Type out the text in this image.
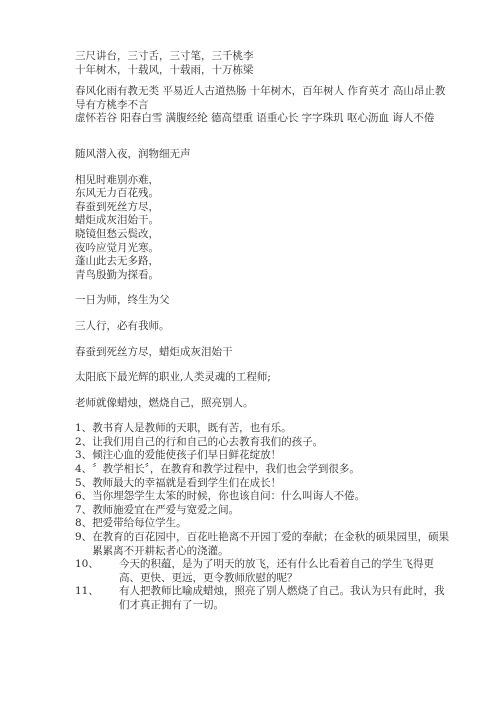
三尺讲台，三寸舌，三寸笔，三千桃李

十年树木，十载风，十载雨，十万栋梁

春风化雨有教无类 平易近人古道热肠 十年树木，百年树人 作育英才 高山昂止教导有方桃李不言

虚怀若谷 阳春白雪 满腹经纶 德高望重 语重心长 字字珠玑 呕心沥血 诲人不倦

随风潜入夜，润物细无声

相见时难别亦难，

东风无力百花残。

春蚕到死丝方尽，

蜡炬成灰泪始干。

晓镜但愁云鬓改，

夜吟应觉月光寒。

蓬山此去无多路，

青鸟殷勤为探看。

一日为师，终生为父

三人行，必有我师。

春蚕到死丝方尽，蜡炬成灰泪始干

太阳底下最光辉的职业,人类灵魂的工程师;

老师就像蜡烛，燃烧自己，照亮别人。

1、 教书育人是教师的天职，既有苦，也有乐。
2、 让我们用自己的行和自己的心去教育我们的孩子。
3、 倾注心血的爱能使孩子们早日鲜花绽放！
4、 〞教学相长〞，在教育和教学过程中，我们也会学到很多。
5、 教师最大的幸福就是看到学生们在成长！
6、 当你埋怨学生太笨的时候，你也该自问：什么叫诲人不倦。
7、 教师施爱宜在严爱与宽爱之间。
8、 把爱带给每位学生。
9、 在教育的百花园中，百花吐艳离不开园丁爱的奉献；在金秋的硕果园里，硕果累累离不开耕耘者心的浇灌。
10、	今天的积蕴，是为了明天的放飞，还有什么比看着自己的学生飞得更高、更快、更远，更令教师欣慰的呢？
11、	有人把教师比喻成蜡烛，照亮了别人燃烧了自己。我认为只有此时，我们才真正拥有了一切。
